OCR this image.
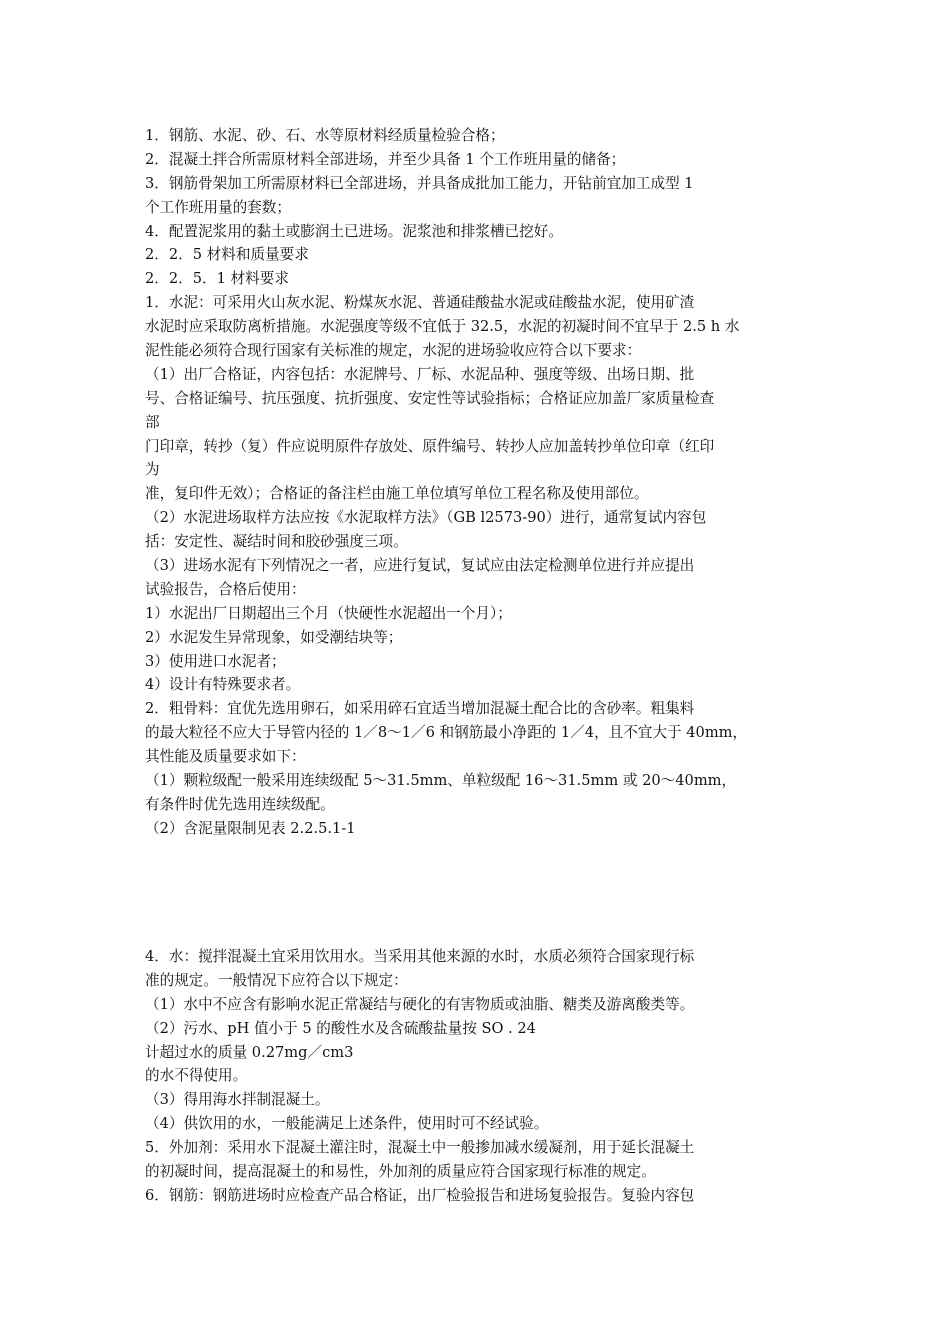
1．钢筋、水泥、砂、石、水等原材料经质量检验合格；
2．混凝土拌合所需原材料全部进场，并至少具备 1 个工作班用量的储备；
3．钢筋骨架加工所需原材料已全部进场，并具备成批加工能力，开钻前宜加工成型 1
个工作班用量的套数；
4．配置泥浆用的黏土或膨润土已进场。泥浆池和排浆槽已挖好。
2．2．5 材料和质量要求
2．2．5．1 材料要求
1．水泥：可采用火山灰水泥、粉煤灰水泥、普通硅酸盐水泥或硅酸盐水泥，使用矿渣
水泥时应采取防离析措施。水泥强度等级不宜低于 32.5，水泥的初凝时间不宜早于 2.5 h 水
泥性能必须符合现行国家有关标准的规定，水泥的进场验收应符合以下要求：
（1）出厂合格证，内容包括：水泥牌号、厂标、水泥品种、强度等级、出场日期、批
号、合格证编号、抗压强度、抗折强度、安定性等试验指标；合格证应加盖厂家质量检查
部
门印章，转抄（复）件应说明原件存放处、原件编号、转抄人应加盖转抄单位印章（红印
为
准，复印件无效）；合格证的备注栏由施工单位填写单位工程名称及使用部位。
（2）水泥进场取样方法应按《水泥取样方法》（GB l2573-90）进行，通常复试内容包
括：安定性、凝结时间和胶砂强度三项。
（3）进场水泥有下列情况之一者，应进行复试，复试应由法定检测单位进行并应提出
试验报告，合格后使用：
1）水泥出厂日期超出三个月（快硬性水泥超出一个月）；
2）水泥发生异常现象，如受潮结块等；
3）使用进口水泥者；
4）设计有特殊要求者。
2．粗骨料：宜优先选用卵石，如采用碎石宜适当增加混凝土配合比的含砂率。粗集料
的最大粒径不应大于导管内径的 1／8～1／6 和钢筋最小净距的 1／4，且不宜大于 40mm，
其性能及质量要求如下：
（1）颗粒级配一般采用连续级配 5～31.5mm、单粒级配 16～31.5mm 或 20～40mm，
有条件时优先选用连续级配。
（2）含泥量限制见表 2.2.5.1-1
4．水：搅拌混凝土宜采用饮用水。当采用其他来源的水时，水质必须符合国家现行标
准的规定。一般情况下应符合以下规定：
（1）水中不应含有影响水泥正常凝结与硬化的有害物质或油脂、糖类及游离酸类等。
（2）污水、pH 值小于 5 的酸性水及含硫酸盐量按 SO . 24
计超过水的质量 0.27mg／cm3
的水不得使用。
（3）得用海水拌制混凝土。
（4）供饮用的水，一般能满足上述条件，使用时可不经试验。
5．外加剂：采用水下混凝土灌注时，混凝土中一般掺加减水缓凝剂，用于延长混凝土
的初凝时间，提高混凝土的和易性，外加剂的质量应符合国家现行标准的规定。
6．钢筋：钢筋进场时应检查产品合格证，出厂检验报告和进场复验报告。复验内容包
